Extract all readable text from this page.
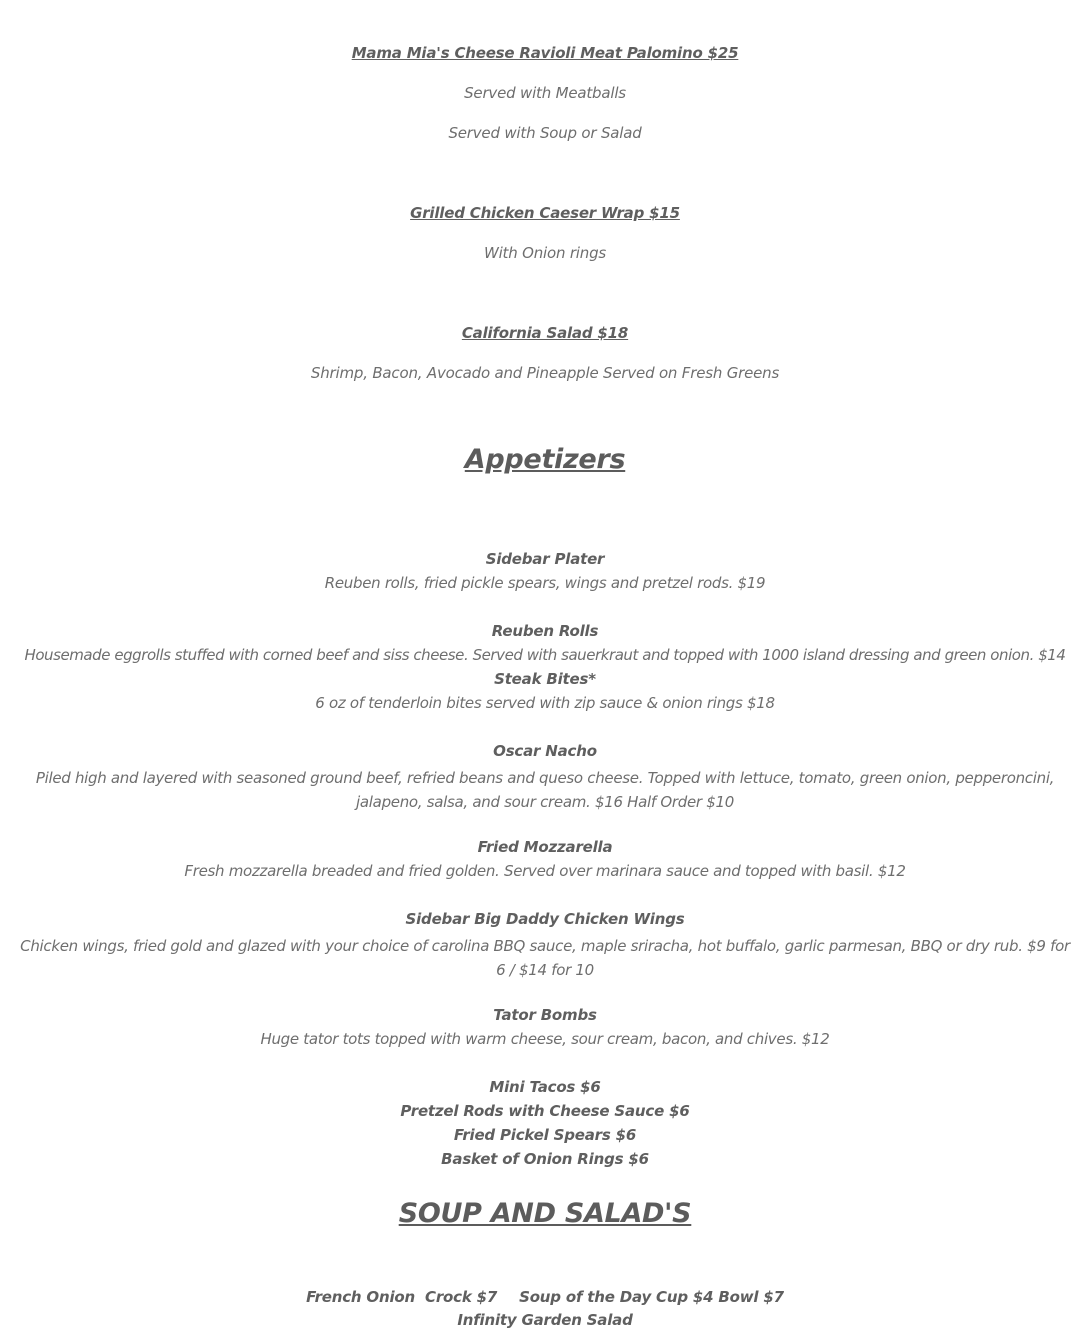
Mama Mia's Cheese Ravioli Meat Palomino $25

Served with Meatballs

Served with Soup or Salad

Grilled Chicken Caeser Wrap $15

With Onion rings

California Salad $18

Shrimp, Bacon, Avocado and Pineapple Served on Fresh Greens

Appetizers

Sidebar Plater

Reuben rolls, fried pickle spears, wings and pretzel rods. $19

Reuben Rolls

Housemade eggrolls stuffed with corned beef and siss cheese. Served with sauerkraut and topped with 1000 island dressing and green onion. $14

Steak Bites*

6 oz of tenderloin bites served with zip sauce & onion rings $18

Oscar Nacho

Piled high and layered with seasoned ground beef, refried beans and queso cheese. Topped with lettuce, tomato, green onion, pepperoncini, jalapeno, salsa, and sour cream. $16 Half Order $10

Fried Mozzarella

Fresh mozzarella breaded and fried golden. Served over marinara sauce and topped with basil. $12

Sidebar Big Daddy Chicken Wings

Chicken wings, fried gold and glazed with your choice of carolina BBQ sauce, maple sriracha, hot buffalo, garlic parmesan, BBQ or dry rub. $9 for 6 / $14 for 10

Tator Bombs

Huge tator tots topped with warm cheese, sour cream, bacon, and chives. $12

Mini Tacos $6

Pretzel Rods with Cheese Sauce $6

Fried Pickel Spears $6

Basket of Onion Rings $6

SOUP AND SALAD'S

French Onion  Crock $7 Soup of the Day Cup $4 Bowl $7

Infinity Garden Salad
